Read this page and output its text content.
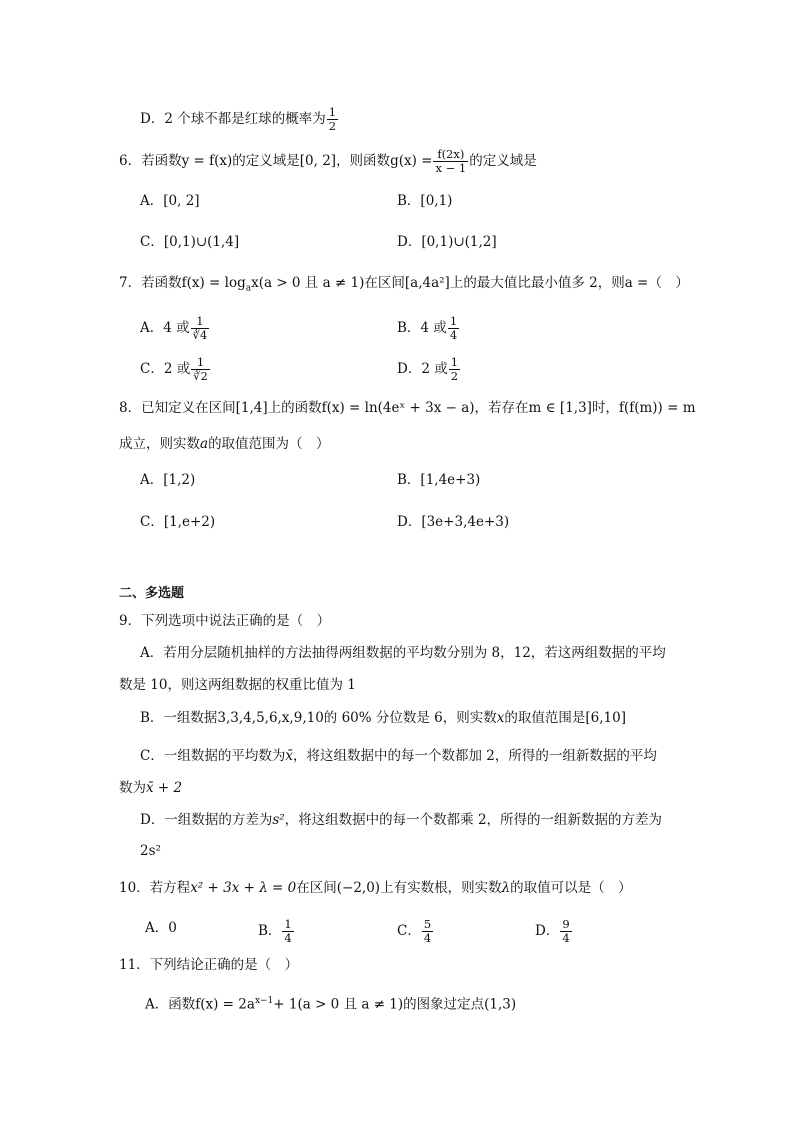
D．2 个球不都是红球的概率为 $\frac{1}{2}$
6．若函数y = f(x)的定义域是[0, 2]，则函数$g(x) = \frac{f(2x)}{x - 1}$ 的定义域是
A．[0, 2]	B．[0,1)
C．[0,1)∪(1,4]	D．[0,1)∪(1,2]
7．若函数$f(x) = \log_ax(a > 0$ 且 a ≠ 1)在区间[a,4a²]上的最大值比最小值多 2，则a =（　）
A．4 或 $\frac{1}{∛4}$	B．4 或 $\frac{1}{4}$
C．2 或 $\frac{1}{∛2}$	D．2 或 $\frac{1}{2}$
8．已知定义在区间[1,4]上的函数f(x) = ln(4eˣ + 3x − a)，若存在m ∈ [1,3]时，f(f(m)) = m
成立，则实数a的取值范围为（　）
A．[1,2)	B．[1,4e+3)
C．[1,e+2)	D．[3e+3,4e+3)
二、多选题
9．下列选项中说法正确的是（　）
A．若用分层随机抽样的方法抽得两组数据的平均数分别为 8，12，若这两组数据的平均
数是 10，则这两组数据的权重比值为 1
B．一组数据3,3,4,5,6,x,9,10的 60% 分位数是 6，则实数x的取值范围是[6,10]
C．一组数据的平均数为x̄，将这组数据中的每一个数都加 2，所得的一组新数据的平均
数为x̄ + 2
D．一组数据的方差为s²，将这组数据中的每一个数都乘 2，所得的一组新数据的方差为
2s²
10．若方程x² + 3x + λ = 0在区间(−2,0)上有实数根，则实数λ的取值可以是（　）
A．0	B． $\frac{1}{4}$	C． $\frac{5}{4}$	D． $\frac{9}{4}$
11．下列结论正确的是（　）
A．函数$f(x) = 2a^{x-1}+ 1(a > 0$ 且 a ≠ 1)的图象过定点(1,3)
